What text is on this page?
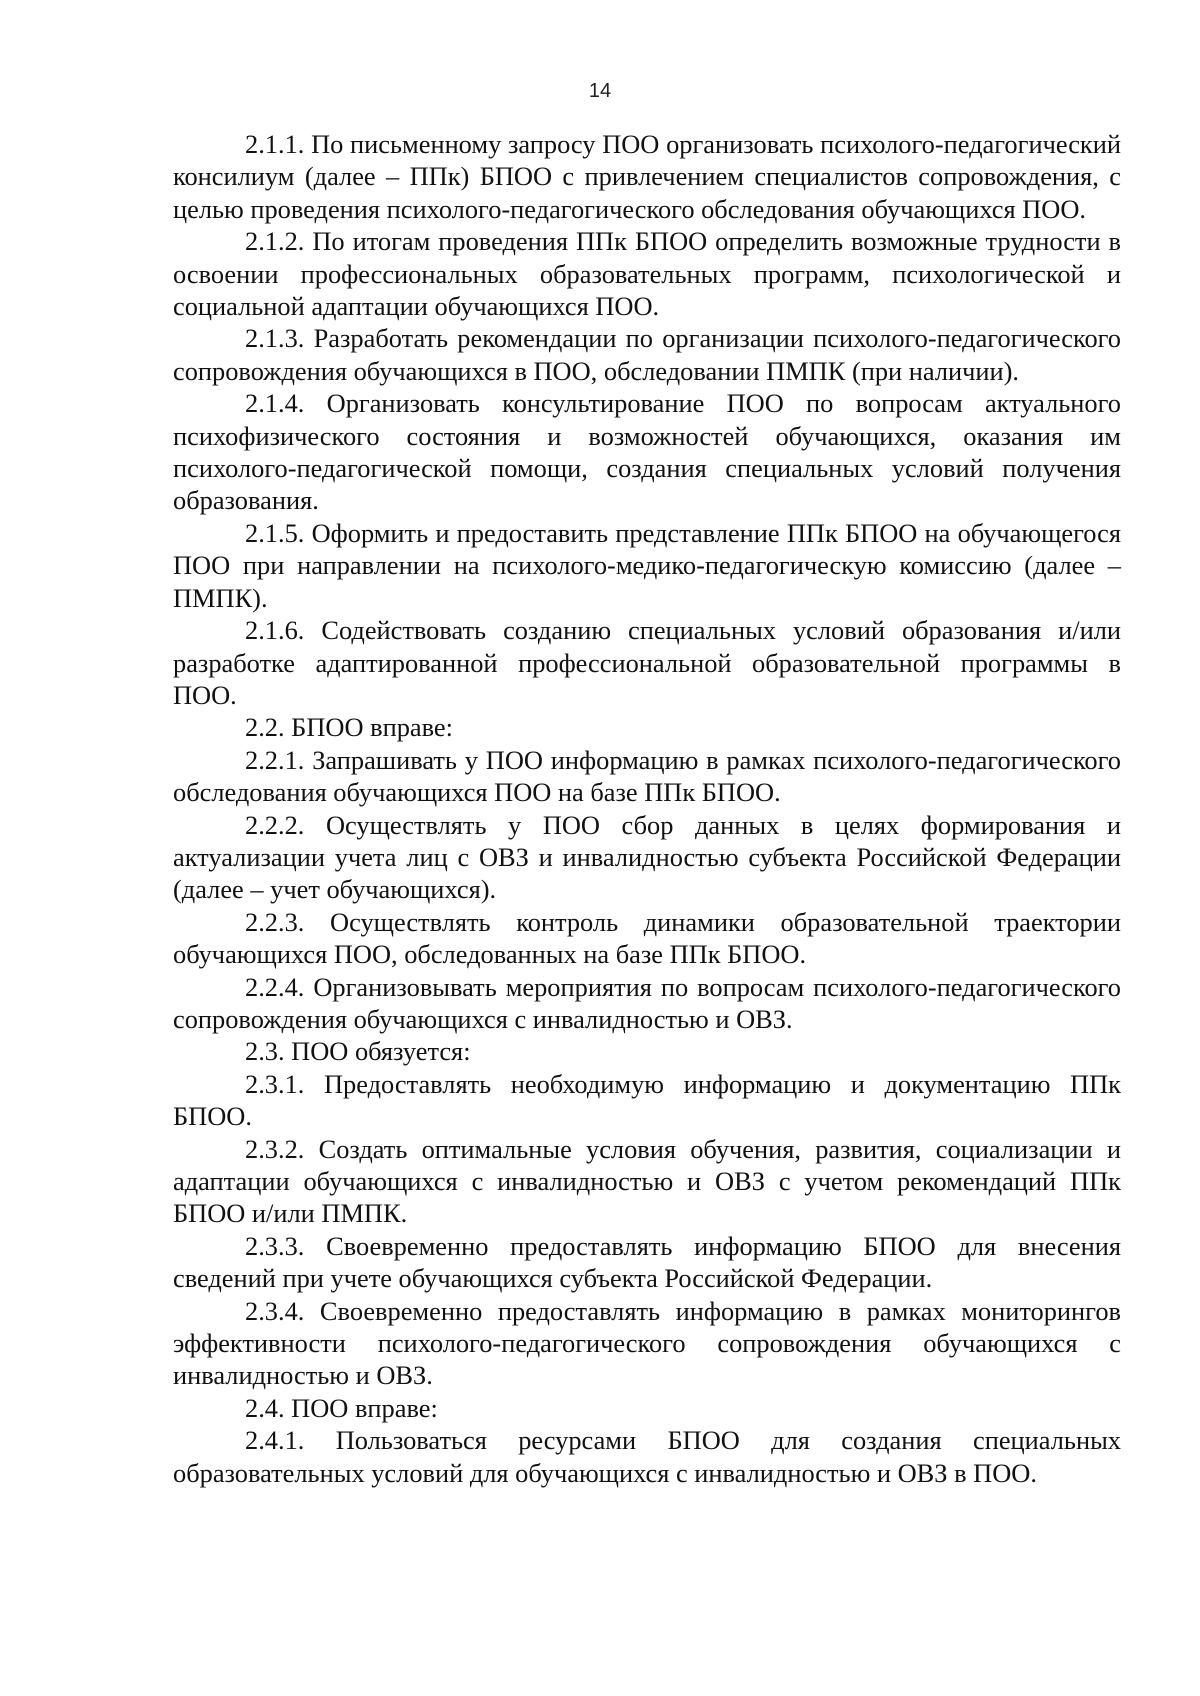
14

2.1.1. По письменному запросу ПОО организовать психолого-педагогический консилиум (далее – ППк) БПОО с привлечением специалистов сопровождения, с целью проведения психолого-педагогического обследования обучающихся ПОО.

2.1.2. По итогам проведения ППк БПОО определить возможные трудности в освоении профессиональных образовательных программ, психологической и социальной адаптации обучающихся ПОО.

2.1.3. Разработать рекомендации по организации психолого-педагогического сопровождения обучающихся в ПОО, обследовании ПМПК (при наличии).

2.1.4. Организовать консультирование ПОО по вопросам актуального психофизического состояния и возможностей обучающихся, оказания им психолого-педагогической помощи, создания специальных условий получения образования.

2.1.5. Оформить и предоставить представление ППк БПОО на обучающегося ПОО при направлении на психолого-медико-педагогическую комиссию (далее – ПМПК).

2.1.6. Содействовать созданию специальных условий образования и/или разработке адаптированной профессиональной образовательной программы в ПОО.

2.2. БПОО вправе:

2.2.1. Запрашивать у ПОО информацию в рамках психолого-педагогического обследования обучающихся ПОО на базе ППк БПОО.

2.2.2. Осуществлять у ПОО сбор данных в целях формирования и актуализации учета лиц с ОВЗ и инвалидностью субъекта Российской Федерации (далее – учет обучающихся).

2.2.3. Осуществлять контроль динамики образовательной траектории обучающихся ПОО, обследованных на базе ППк БПОО.

2.2.4. Организовывать мероприятия по вопросам психолого-педагогического сопровождения обучающихся с инвалидностью и ОВЗ.

2.3. ПОО обязуется:

2.3.1. Предоставлять необходимую информацию и документацию ППк БПОО.

2.3.2. Создать оптимальные условия обучения, развития, социализации и адаптации обучающихся с инвалидностью и ОВЗ с учетом рекомендаций ППк БПОО и/или ПМПК.

2.3.3. Своевременно предоставлять информацию БПОО для внесения сведений при учете обучающихся субъекта Российской Федерации.

2.3.4. Своевременно предоставлять информацию в рамках мониторингов эффективности психолого-педагогического сопровождения обучающихся с инвалидностью и ОВЗ.

2.4. ПОО вправе:

2.4.1. Пользоваться ресурсами БПОО для создания специальных образовательных условий для обучающихся с инвалидностью и ОВЗ в ПОО.
